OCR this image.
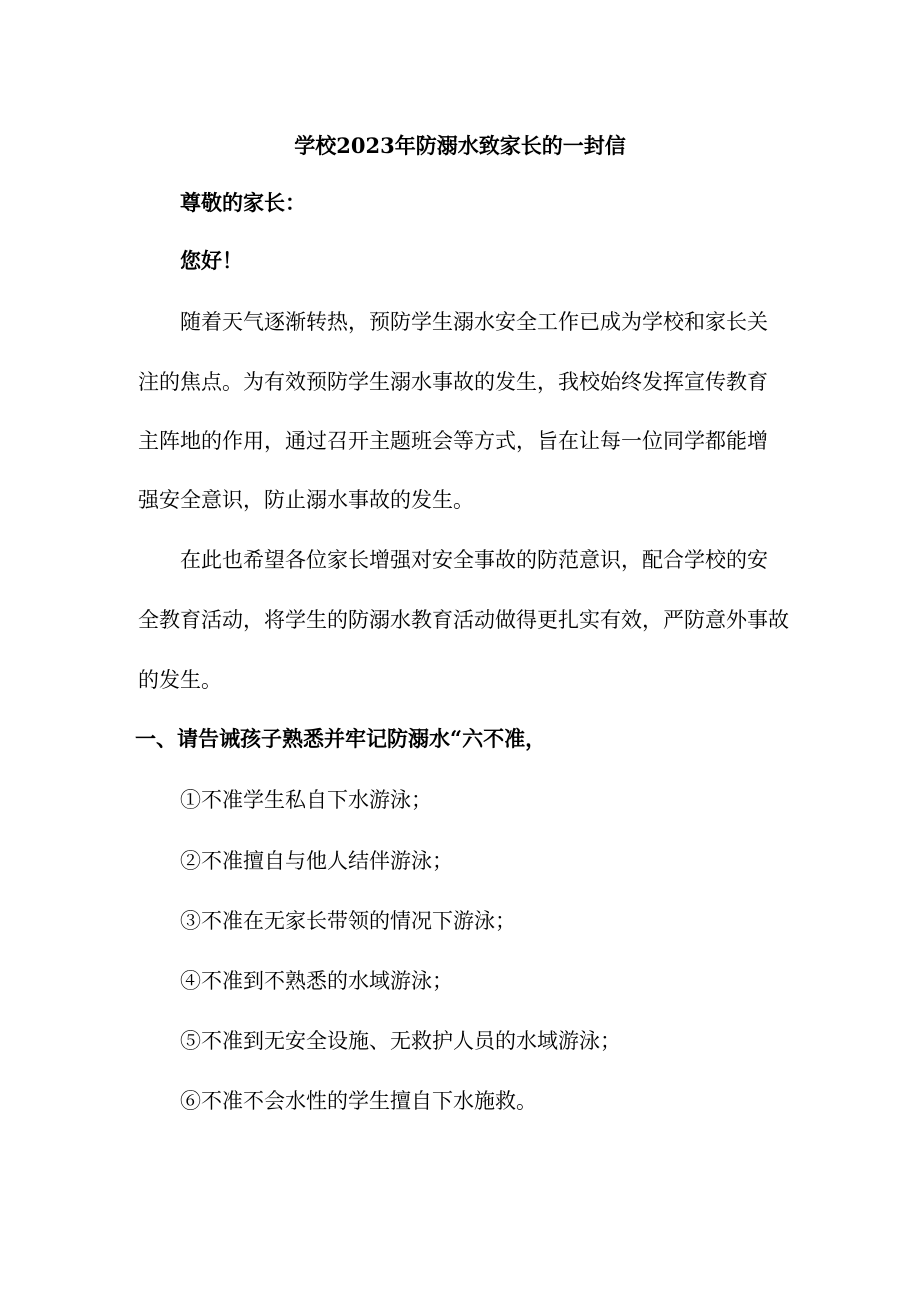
学校2023年防溺水致家长的一封信
尊敬的家长：
您好！
随着天气逐渐转热，预防学生溺水安全工作已成为学校和家长关
注的焦点。为有效预防学生溺水事故的发生，我校始终发挥宣传教育
主阵地的作用，通过召开主题班会等方式，旨在让每一位同学都能增
强安全意识，防止溺水事故的发生。
在此也希望各位家长增强对安全事故的防范意识，配合学校的安
全教育活动，将学生的防溺水教育活动做得更扎实有效，严防意外事故
的发生。
一、请告诫孩子熟悉并牢记防溺水“六不准，
①不准学生私自下水游泳；
②不准擅自与他人结伴游泳；
③不准在无家长带领的情况下游泳；
④不准到不熟悉的水域游泳；
⑤不准到无安全设施、无救护人员的水域游泳；
⑥不准不会水性的学生擅自下水施救。
